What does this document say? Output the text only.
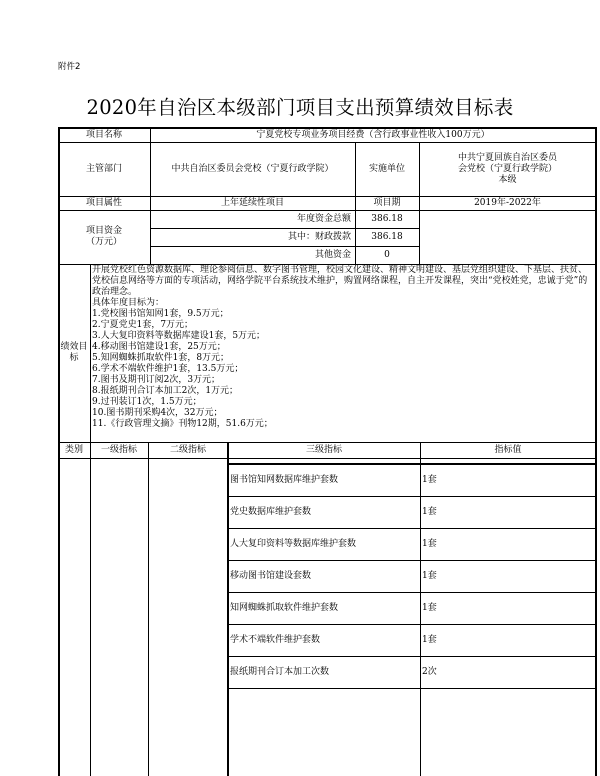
附件2
2020年自治区本级部门项目支出预算绩效目标表
项目名称	宁夏党校专项业务项目经费（含行政事业性收入100万元）
主管部门	中共自治区委员会党校（宁夏行政学院）	实施单位
中共宁夏回族自治区委员
会党校（宁夏行政学院）
本级
项目属性	上年延续性项目	项目期	2019年-2022年
项目资金
（万元）
年度资金总额	386.18
其中：财政拨款	386.18
其他资金	0
绩效目
标
开展党校红色资源数据库、理论参阅信息、数字图书管理，校园文化建设、精神文明建设、基层党组织建设、下基层、扶贫、党校信息网络等方面的专项活动，网络学院平台系统技术维护，购置网络课程，自主开发课程，突出“党校姓党，忠诚于党”的政治理念。
具体年度目标为：
1.党校图书馆知网1套，9.5万元；
2.宁夏党史1套，7万元；
3.人大复印资料等数据库建设1套，5万元；
4.移动图书馆建设1套，25万元；
5.知网蜘蛛抓取软件1套，8万元；
6.学术不端软件维护1套，13.5万元；
7.图书及期刊订阅2次，3万元；
8.报纸期刊合订本加工2次，1万元；
9.过刊装订1次，1.5万元；
10.图书期刊采购4次，32万元；
11.《行政管理文摘》刊物12期，51.6万元；
类别	一级指标	二级指标	三级指标	指标值
图书馆知网数据库维护套数	1套
党史数据库维护套数	1套
人大复印资料等数据库维护套数	1套
移动图书馆建设套数	1套
知网蜘蛛抓取软件维护套数	1套
学术不端软件维护套数	1套
报纸期刊合订本加工次数	2次
